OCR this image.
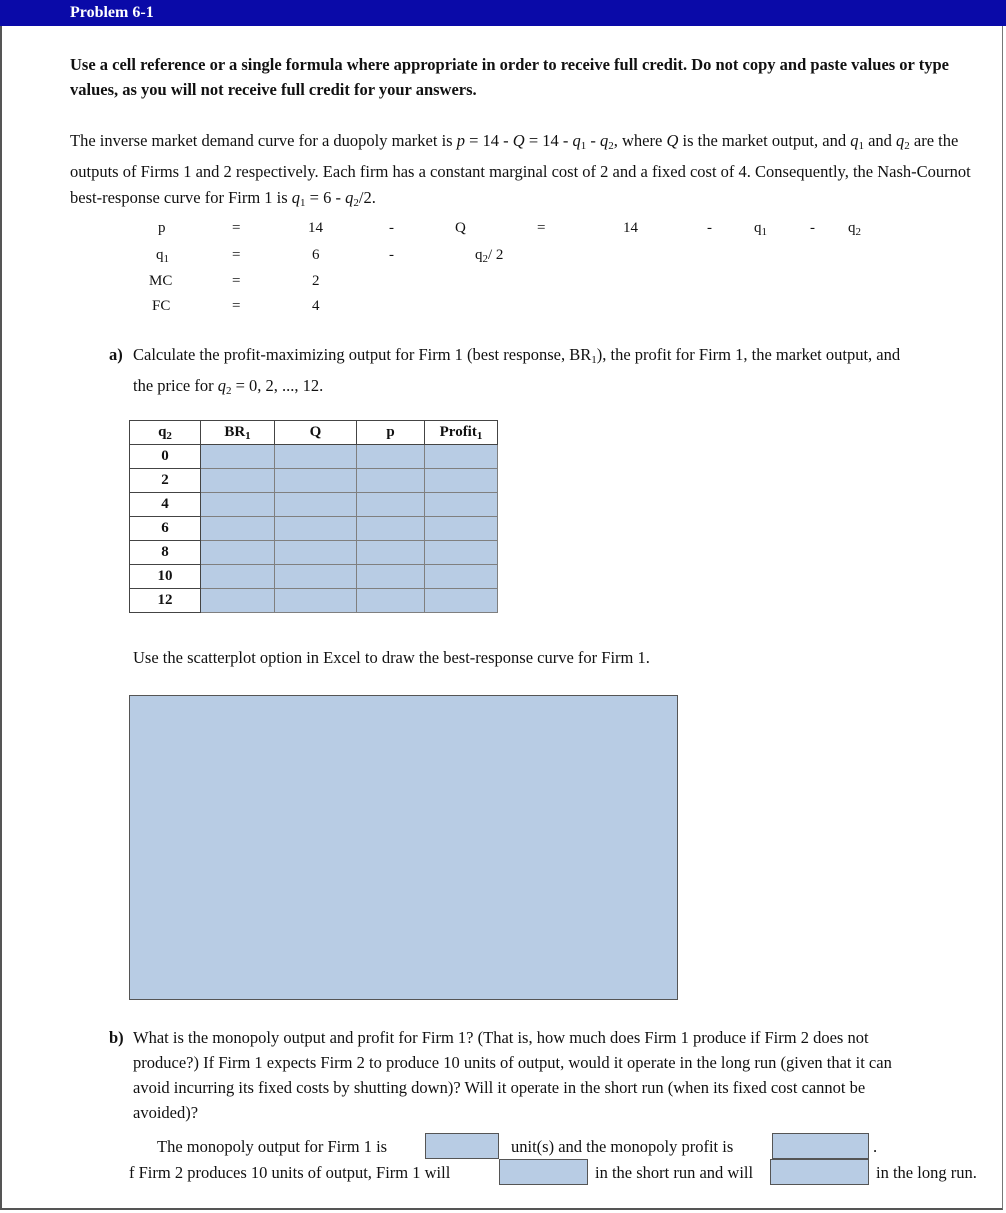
Problem 6-1
Use a cell reference or a single formula where appropriate in order to receive full credit. Do not copy and paste values or type values, as you will not receive full credit for your answers.
The inverse market demand curve for a duopoly market is $p = 14 - Q = 14 - q_1 - q_2$, where Q is the market output, and $q_1$ and $q_2$ are the outputs of Firms 1 and 2 respectively. Each firm has a constant marginal cost of 2 and a fixed cost of 4. Consequently, the Nash-Cournot best-response curve for Firm 1 is $q_1 = 6 - q_2/2$.
p	=	14	-	Q	=	14	-	$q_1$	- $q_2$
$q_1$	=	6	-	$q_2/$ 2
MC	=	2
FC	=	4
a) Calculate the profit-maximizing output for Firm 1 (best response, $BR_1$), the profit for Firm 1, the market output, and
the price for $q_2 = 0$, 2, ..., 12.
$q_2$	$BR_1$	Q	p	Profit$_1$
0				
2				
4				
6				
8				
10				
12				
Use the scatterplot option in Excel to draw the best-response curve for Firm 1.
b) What is the monopoly output and profit for Firm 1? (That is, how much does Firm 1 produce if Firm 2 does not
produce?) If Firm 1 expects Firm 2 to produce 10 units of output, would it operate in the long run (given that it can
avoid incurring its fixed costs by shutting down)? Will it operate in the short run (when its fixed cost cannot be
avoided)?
The monopoly output for Firm 1 is	unit(s) and the monopoly profit is	.
f Firm 2 produces 10 units of output, Firm 1 will	in the short run and will	in the long run.
